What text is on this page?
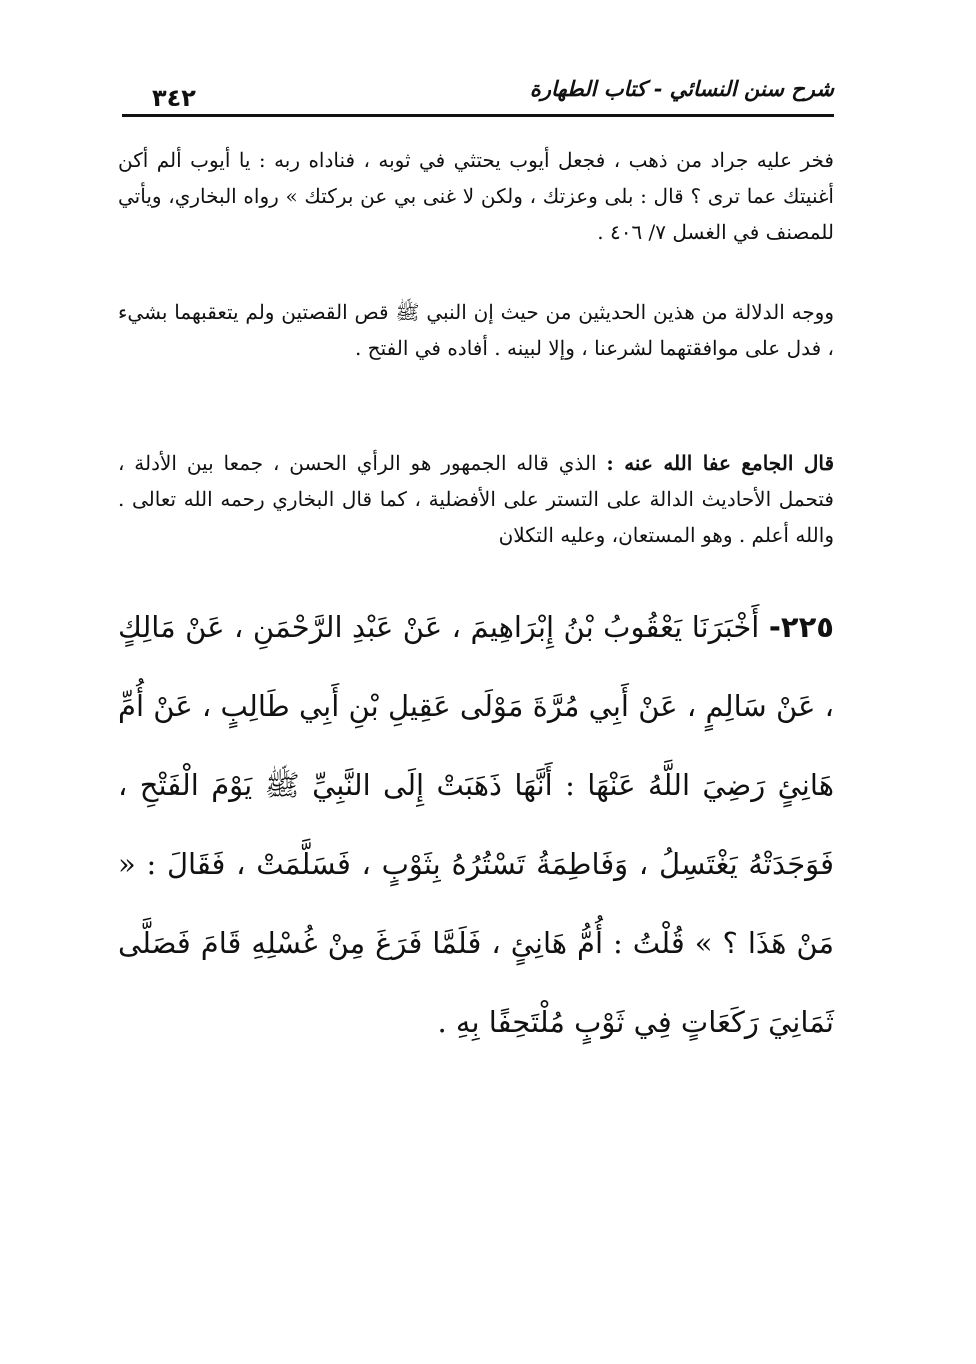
شرح سنن النسائي - كتاب الطهارة
٣٤٢

فخر عليه جراد من ذهب ، فجعل أيوب يحتثي في ثوبه ، فناداه ربه : يا أيوب ألم أكن أغنيتك عما ترى ؟ قال : بلى وعزتك ، ولكن لا غنى بي عن بركتك » رواه البخاري، ويأتي للمصنف في الغسل ٧/ ٤٠٦ .

ووجه الدلالة من هذين الحديثين من حيث إن النبي ﷺ قص القصتين ولم يتعقبهما بشيء ، فدل على موافقتهما لشرعنا ، وإلا لبينه . أفاده في الفتح .

قال الجامع عفا الله عنه : الذي قاله الجمهور هو الرأي الحسن ، جمعا بين الأدلة ، فتحمل الأحاديث الدالة على التستر على الأفضلية ، كما قال البخاري رحمه الله تعالى . والله أعلم . وهو المستعان، وعليه التكلان

٢٢٥- أَخْبَرَنَا يَعْقُوبُ بْنُ إِبْرَاهِيمَ ، عَنْ عَبْدِ الرَّحْمَنِ ، عَنْ مَالِكٍ ، عَنْ سَالِمٍ ، عَنْ أَبِي مُرَّةَ مَوْلَى عَقِيلِ بْنِ أَبِي طَالِبٍ ، عَنْ أُمِّ هَانِئٍ رَضِيَ اللَّهُ عَنْهَا : أَنَّهَا ذَهَبَتْ إِلَى النَّبِيِّ ﷺ يَوْمَ الْفَتْحِ ، فَوَجَدَتْهُ يَغْتَسِلُ ، وَفَاطِمَةُ تَسْتُرُهُ بِثَوْبٍ ، فَسَلَّمَتْ ، فَقَالَ : « مَنْ هَذَا ؟ » قُلْتُ : أُمُّ هَانِئٍ ، فَلَمَّا فَرَغَ مِنْ غُسْلِهِ قَامَ فَصَلَّى ثَمَانِيَ رَكَعَاتٍ فِي ثَوْبٍ مُلْتَحِفًا بِهِ .
